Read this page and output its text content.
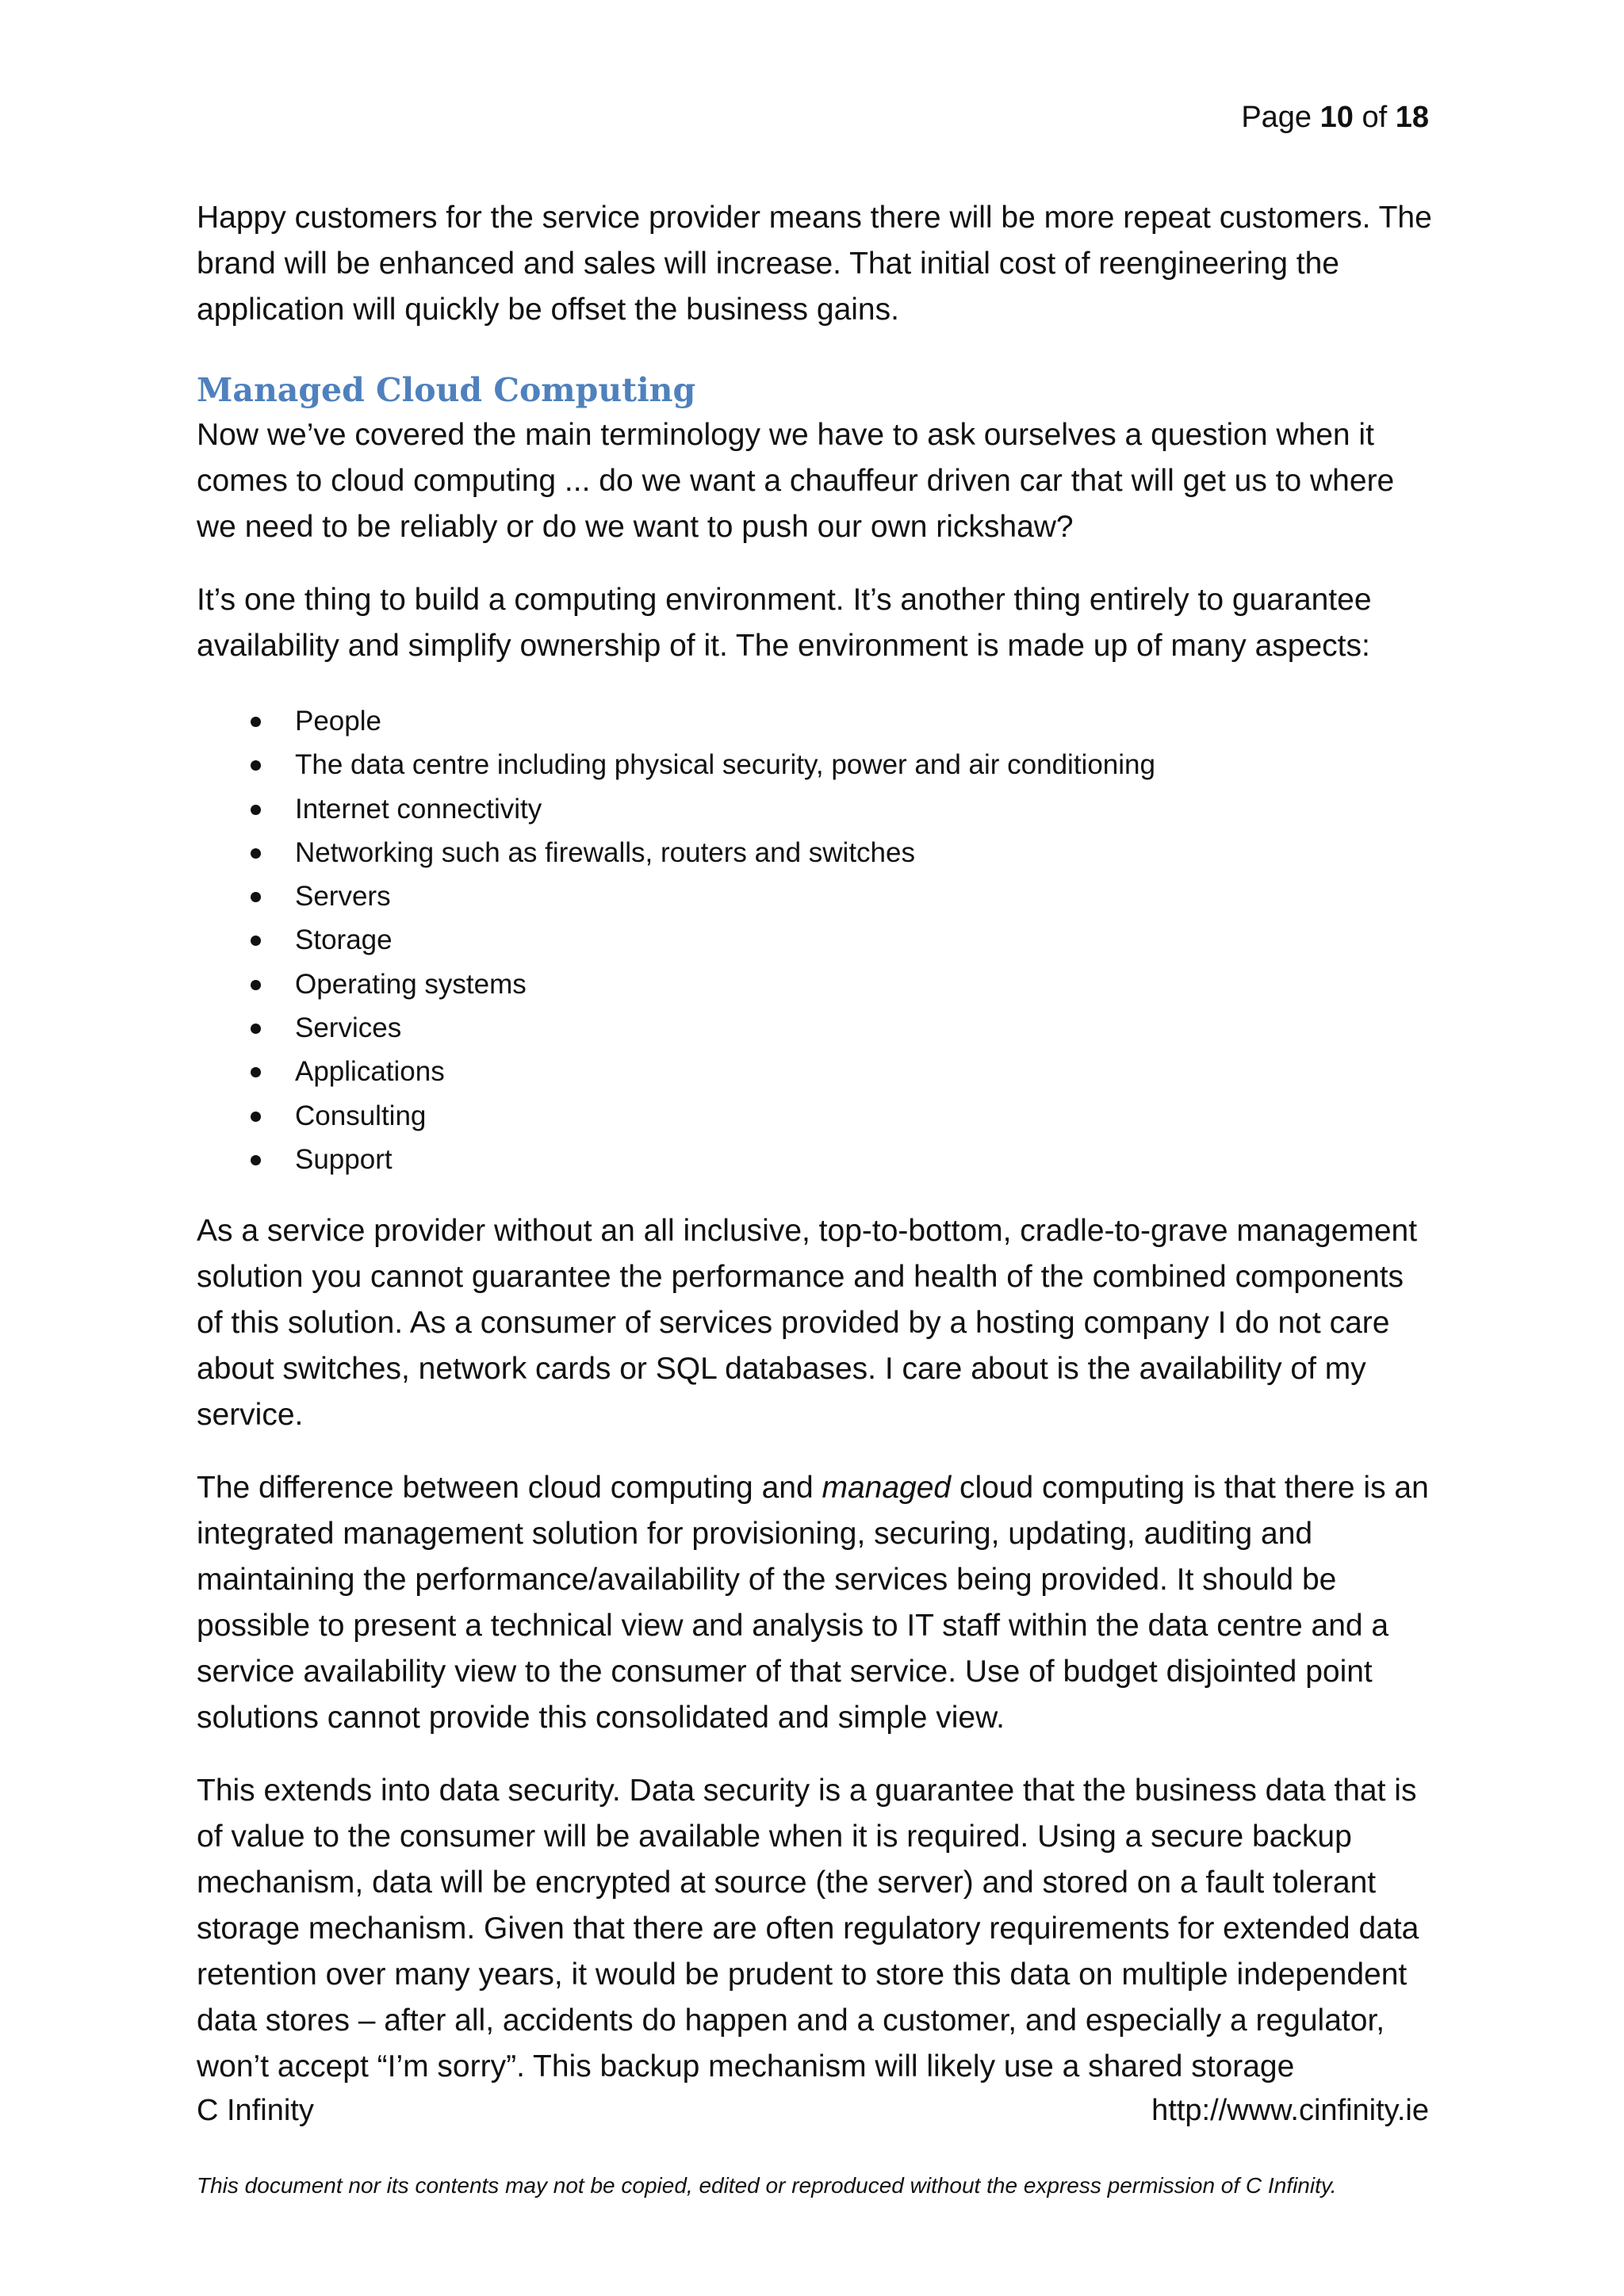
Page 10 of 18

Happy customers for the service provider means there will be more repeat customers. The brand will be enhanced and sales will increase. That initial cost of reengineering the application will quickly be offset the business gains.

Managed Cloud Computing

Now we’ve covered the main terminology we have to ask ourselves a question when it comes to cloud computing ... do we want a chauffeur driven car that will get us to where we need to be reliably or do we want to push our own rickshaw?

It’s one thing to build a computing environment. It’s another thing entirely to guarantee availability and simplify ownership of it. The environment is made up of many aspects:

People
The data centre including physical security, power and air conditioning
Internet connectivity
Networking such as firewalls, routers and switches
Servers
Storage
Operating systems
Services
Applications
Consulting
Support

As a service provider without an all inclusive, top-to-bottom, cradle-to-grave management solution you cannot guarantee the performance and health of the combined components of this solution. As a consumer of services provided by a hosting company I do not care about switches, network cards or SQL databases. I care about is the availability of my service.

The difference between cloud computing and managed cloud computing is that there is an integrated management solution for provisioning, securing, updating, auditing and maintaining the performance/availability of the services being provided. It should be possible to present a technical view and analysis to IT staff within the data centre and a service availability view to the consumer of that service. Use of budget disjointed point solutions cannot provide this consolidated and simple view.

This extends into data security. Data security is a guarantee that the business data that is of value to the consumer will be available when it is required. Using a secure backup mechanism, data will be encrypted at source (the server) and stored on a fault tolerant storage mechanism. Given that there are often regulatory requirements for extended data retention over many years, it would be prudent to store this data on multiple independent data stores – after all, accidents do happen and a customer, and especially a regulator, won’t accept “I’m sorry”. This backup mechanism will likely use a shared storage

C Infinity	http://www.cinfinity.ie
This document nor its contents may not be copied, edited or reproduced without the express permission of C Infinity.
